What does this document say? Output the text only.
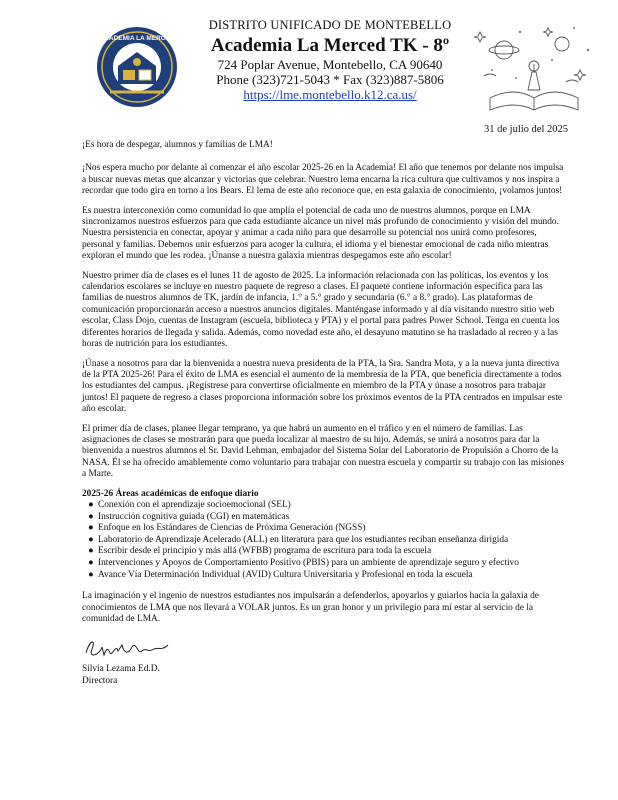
ACADEMIA LA MERCED
DISTRITO UNIFICADO DE MONTEBELLO
Academia La Merced TK - 8º
724 Poplar Avenue, Montebello, CA 90640
Phone (323)721-5043 * Fax (323)887-5806
https://lme.montebello.k12.ca.us/
31 de julio del 2025

¡Es hora de despegar, alumnos y familias de LMA!

¡Nos espera mucho por delante al comenzar el año escolar 2025-26 en la Academia! El año que tenemos por delante nos impulsa a buscar nuevas metas que alcanzar y victorias que celebrar. Nuestro lema encarna la rica cultura que cultivamos y nos inspira a recordar que todo gira en torno a los Bears. El lema de este año reconoce que, en esta galaxia de conocimiento, ¡volamos juntos!

Es nuestra interconexión como comunidad lo que amplía el potencial de cada uno de nuestros alumnos, porque en LMA sincronizamos nuestros esfuerzos para que cada estudiante alcance un nivel más profundo de conocimiento y visión del mundo. Nuestra persistencia en conectar, apoyar y animar a cada niño para que desarrolle su potencial nos unirá como profesores, personal y familias. Debemos unir esfuerzos para acoger la cultura, el idioma y el bienestar emocional de cada niño mientras exploran el mundo que les rodea. ¡Únanse a nuestra galaxia mientras despegamos este año escolar!

Nuestro primer día de clases es el lunes 11 de agosto de 2025. La información relacionada con las políticas, los eventos y los calendarios escolares se incluye en nuestro paquete de regreso a clases. El paquete contiene información específica para las familias de nuestros alumnos de TK, jardín de infancia, 1.° a 5.° grado y secundaria (6.° a 8.° grado). Las plataformas de comunicación proporcionarán acceso a nuestros anuncios digitales. Manténgase informado y al día visitando nuestro sitio web escolar, Class Dojo, cuentas de Instagram (escuela, biblioteca y PTA) y el portal para padres Power School. Tenga en cuenta los diferentes horarios de llegada y salida. Además, como novedad este año, el desayuno matutino se ha trasladado al recreo y a las horas de nutrición para los estudiantes.

¡Únase a nosotros para dar la bienvenida a nuestra nueva presidenta de la PTA, la Sra. Sandra Mota, y a la nueva junta directiva de la PTA 2025-26! Para el éxito de LMA es esencial el aumento de la membresía de la PTA, que beneficia directamente a todos los estudiantes del campus. ¡Regístrese para convertirse oficialmente en miembro de la PTA y únase a nosotros para trabajar juntos! El paquete de regreso a clases proporciona información sobre los próximos eventos de la PTA centrados en impulsar este año escolar.

El primer día de clases, planee llegar temprano, ya que habrá un aumento en el tráfico y en el número de familias. Las asignaciones de clases se mostrarán para que pueda localizar al maestro de su hijo. Además, se unirá a nosotros para dar la bienvenida a nuestros alumnos el Sr. David Lehman, embajador del Sistema Solar del Laboratorio de Propulsión a Chorro de la NASA. Él se ha ofrecido amablemente como voluntario para trabajar con nuestra escuela y compartir su trabajo con las misiones a Marte.

2025-26 Áreas académicas de enfoque diario
● Conexión con el aprendizaje socioemocional (SEL)
● Instrucción cognitiva guiada (CGI) en matemáticas
● Enfoque en los Estándares de Ciencias de Próxima Generación (NGSS)
● Laboratorio de Aprendizaje Acelerado (ALL) en literatura para que los estudiantes reciban enseñanza dirigida
● Escribir desde el principio y más allá (WFBB) programa de escritura para toda la escuela
● Intervenciones y Apoyos de Comportamiento Positivo (PBIS) para un ambiente de aprendizaje seguro y efectivo
● Avance Vía Determinación Individual (AVID) Cultura Universitaria y Profesional en toda la escuela

La imaginación y el ingenio de nuestros estudiantes nos impulsarán a defenderlos, apoyarlos y guiarlos hacia la galaxia de conocimientos de LMA que nos llevará a VOLAR juntos. Es un gran honor y un privilegio para mí estar al servicio de la comunidad de LMA.

Silvia Lezama Ed.D.
Directora
